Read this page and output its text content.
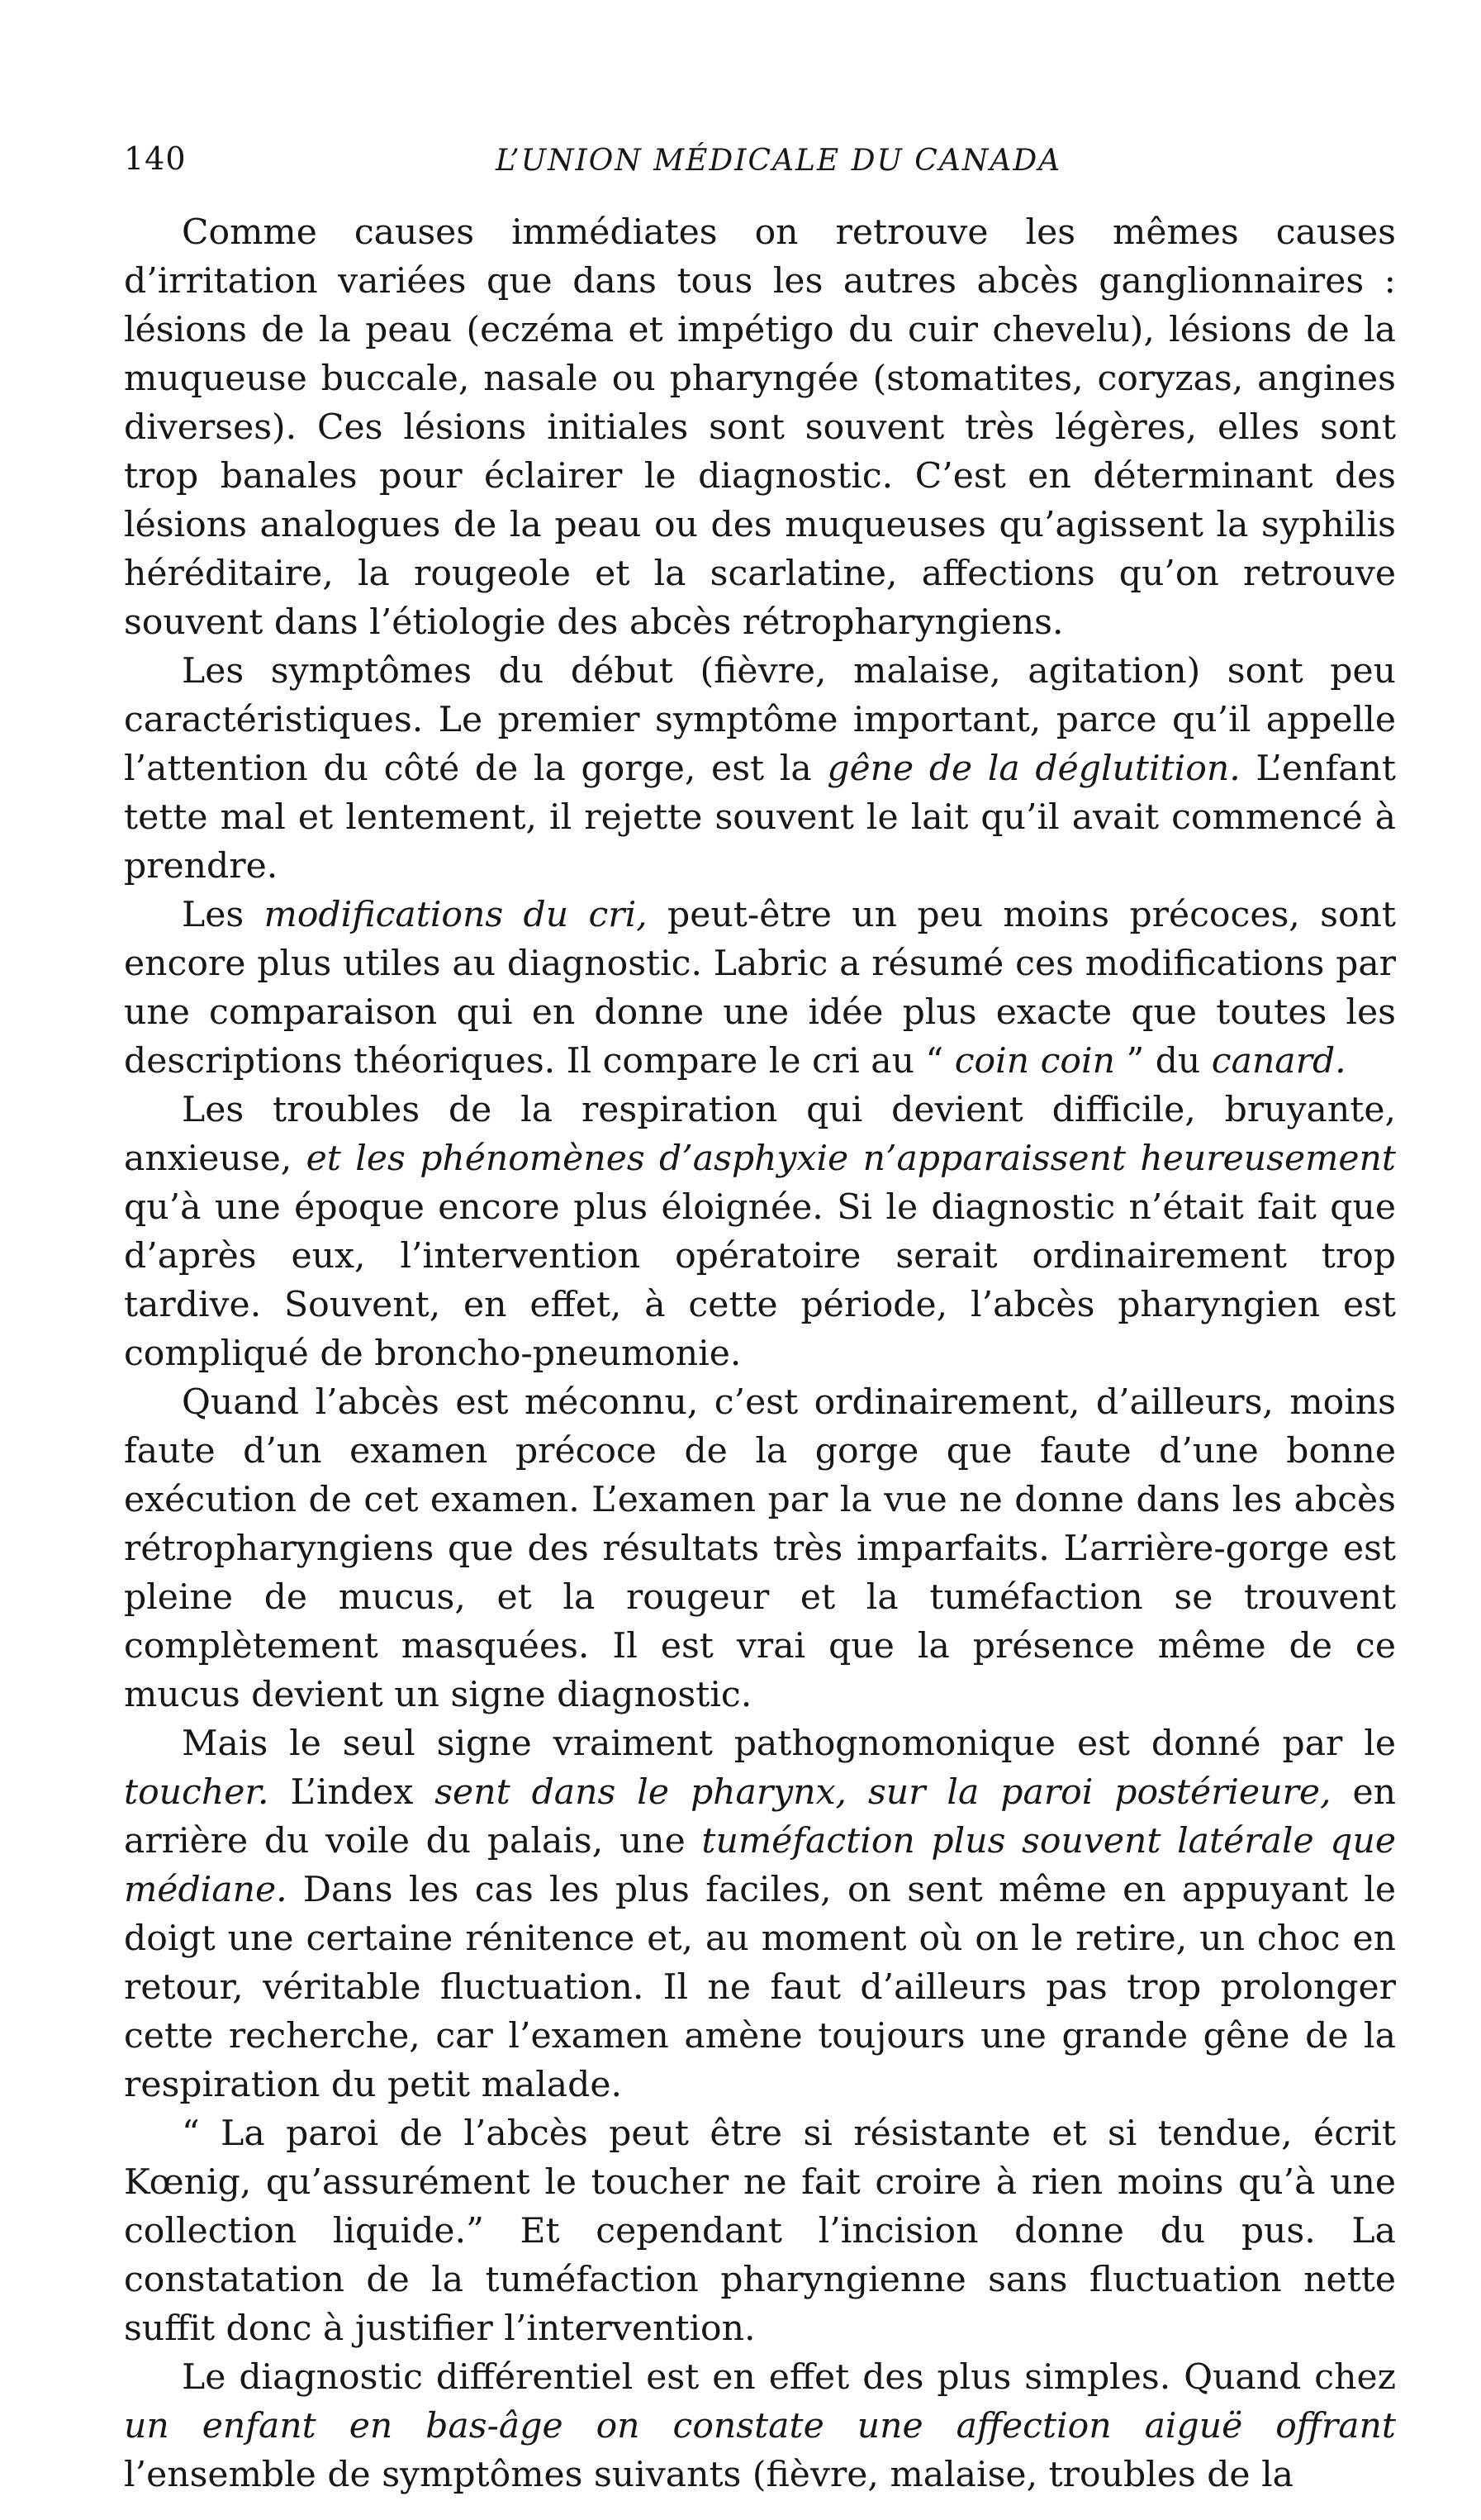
140	L’UNION MÉDICALE DU CANADA

Comme causes immédiates on retrouve les mêmes causes d’irritation variées que dans tous les autres abcès ganglionnaires : lésions de la peau (eczéma et impétigo du cuir chevelu), lésions de la muqueuse buccale, nasale ou pharyngée (stomatites, coryzas, angines diverses). Ces lésions initiales sont souvent très légères, elles sont trop banales pour éclairer le diagnostic. C’est en déterminant des lésions analogues de la peau ou des muqueuses qu’agissent la syphilis héréditaire, la rougeole et la scarlatine, affections qu’on retrouve souvent dans l’étiologie des abcès rétropharyngiens.

Les symptômes du début (fièvre, malaise, agitation) sont peu caractéristiques. Le premier symptôme important, parce qu’il appelle l’attention du côté de la gorge, est la gêne de la déglutition. L’enfant tette mal et lentement, il rejette souvent le lait qu’il avait commencé à prendre.

Les modifications du cri, peut-être un peu moins précoces, sont encore plus utiles au diagnostic. Labric a résumé ces modifications par une comparaison qui en donne une idée plus exacte que toutes les descriptions théoriques. Il compare le cri au “ coin coin ” du canard.

Les troubles de la respiration qui devient difficile, bruyante, anxieuse, et les phénomènes d’asphyxie n’apparaissent heureusement qu’à une époque encore plus éloignée. Si le diagnostic n’était fait que d’après eux, l’intervention opératoire serait ordinairement trop tardive. Souvent, en effet, à cette période, l’abcès pharyngien est compliqué de broncho-pneumonie.

Quand l’abcès est méconnu, c’est ordinairement, d’ailleurs, moins faute d’un examen précoce de la gorge que faute d’une bonne exécution de cet examen. L’examen par la vue ne donne dans les abcès rétropharyngiens que des résultats très imparfaits. L’arrière-gorge est pleine de mucus, et la rougeur et la tuméfaction se trouvent complètement masquées. Il est vrai que la présence même de ce mucus devient un signe diagnostic.

Mais le seul signe vraiment pathognomonique est donné par le toucher. L’index sent dans le pharynx, sur la paroi postérieure, en arrière du voile du palais, une tuméfaction plus souvent latérale que médiane. Dans les cas les plus faciles, on sent même en appuyant le doigt une certaine rénitence et, au moment où on le retire, un choc en retour, véritable fluctuation. Il ne faut d’ailleurs pas trop prolonger cette recherche, car l’examen amène toujours une grande gêne de la respiration du petit malade.

“ La paroi de l’abcès peut être si résistante et si tendue, écrit Kœnig, qu’assurément le toucher ne fait croire à rien moins qu’à une collection liquide.” Et cependant l’incision donne du pus. La constatation de la tuméfaction pharyngienne sans fluctuation nette suffit donc à justifier l’intervention.

Le diagnostic différentiel est en effet des plus simples. Quand chez un enfant en bas-âge on constate une affection aiguë offrant l’ensemble de symptômes suivants (fièvre, malaise, troubles de la
